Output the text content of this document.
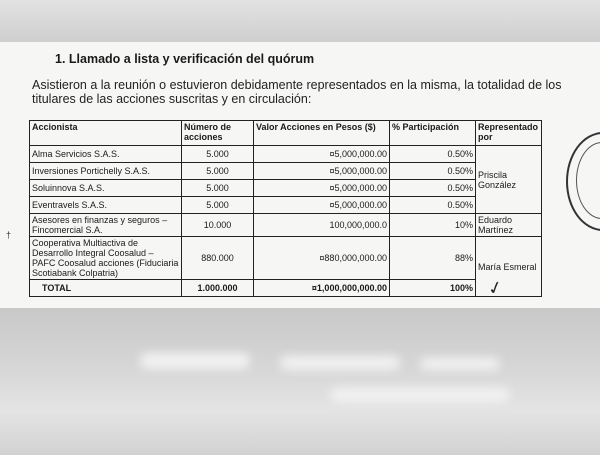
1. Llamado a lista y verificación del quórum
Asistieron a la reunión o estuvieron debidamente representados en la misma, la totalidad de los titulares de las acciones suscritas y en circulación:
Accionista	Número de acciones	Valor Acciones en Pesos ($)	% Participación	Representado por
Alma Servicios S.A.S.	5.000	¤5,000,000.00	0.50%	Priscila González
Inversiones Portichelly S.A.S.	5.000	¤5,000,000.00	0.50%	
Soluinnova S.A.S.	5.000	¤5,000,000.00	0.50%	
Eventravels S.A.S.	5.000	¤5,000,000.00	0.50%	
Asesores en finanzas y seguros – Fincomercial S.A.	10.000	100,000,000.0	10%	Eduardo Martínez
Cooperativa Multiactiva de Desarrollo Integral Coosalud – PAFC Coosalud acciones (Fiduciaria Scotiabank Colpatria)	880.000	¤880,000,000.00	88%	María Esmeral
TOTAL	1.000.000	¤1,000,000,000.00	100%	✓
†
